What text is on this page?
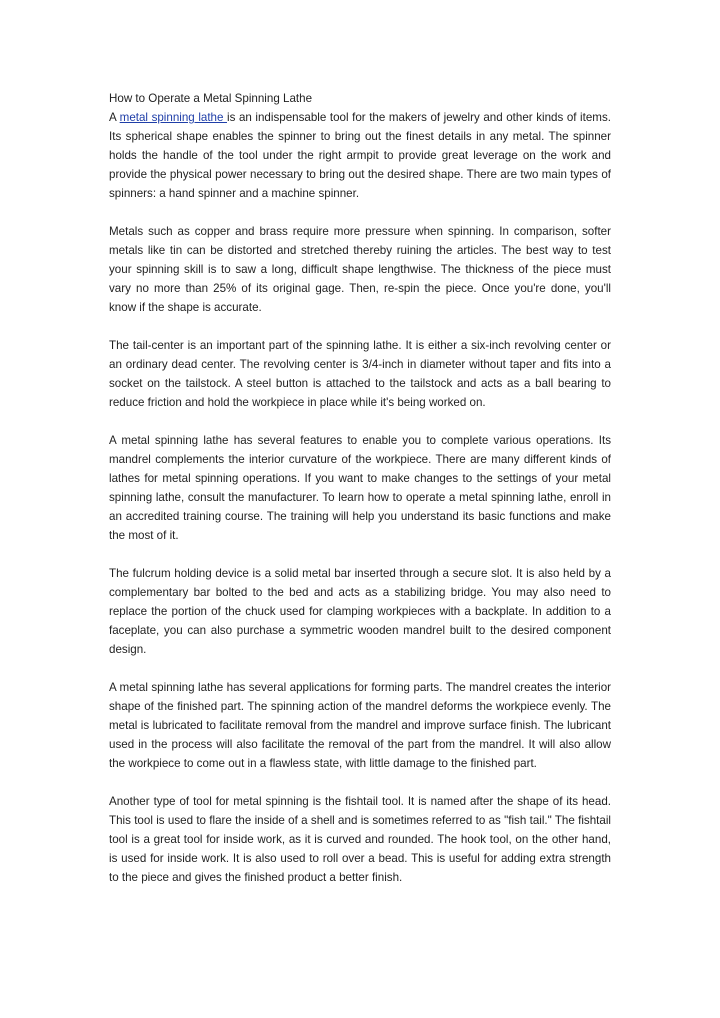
How to Operate a Metal Spinning Lathe

A metal spinning lathe is an indispensable tool for the makers of jewelry and other kinds of items. Its spherical shape enables the spinner to bring out the finest details in any metal. The spinner holds the handle of the tool under the right armpit to provide great leverage on the work and provide the physical power necessary to bring out the desired shape. There are two main types of spinners: a hand spinner and a machine spinner.

Metals such as copper and brass require more pressure when spinning. In comparison, softer metals like tin can be distorted and stretched thereby ruining the articles. The best way to test your spinning skill is to saw a long, difficult shape lengthwise. The thickness of the piece must vary no more than 25% of its original gage. Then, re-spin the piece. Once you're done, you'll know if the shape is accurate.

The tail-center is an important part of the spinning lathe. It is either a six-inch revolving center or an ordinary dead center. The revolving center is 3/4-inch in diameter without taper and fits into a socket on the tailstock. A steel button is attached to the tailstock and acts as a ball bearing to reduce friction and hold the workpiece in place while it's being worked on.

A metal spinning lathe has several features to enable you to complete various operations. Its mandrel complements the interior curvature of the workpiece. There are many different kinds of lathes for metal spinning operations. If you want to make changes to the settings of your metal spinning lathe, consult the manufacturer. To learn how to operate a metal spinning lathe, enroll in an accredited training course. The training will help you understand its basic functions and make the most of it.

The fulcrum holding device is a solid metal bar inserted through a secure slot. It is also held by a complementary bar bolted to the bed and acts as a stabilizing bridge. You may also need to replace the portion of the chuck used for clamping workpieces with a backplate. In addition to a faceplate, you can also purchase a symmetric wooden mandrel built to the desired component design.

A metal spinning lathe has several applications for forming parts. The mandrel creates the interior shape of the finished part. The spinning action of the mandrel deforms the workpiece evenly. The metal is lubricated to facilitate removal from the mandrel and improve surface finish. The lubricant used in the process will also facilitate the removal of the part from the mandrel. It will also allow the workpiece to come out in a flawless state, with little damage to the finished part.

Another type of tool for metal spinning is the fishtail tool. It is named after the shape of its head. This tool is used to flare the inside of a shell and is sometimes referred to as "fish tail." The fishtail tool is a great tool for inside work, as it is curved and rounded. The hook tool, on the other hand, is used for inside work. It is also used to roll over a bead. This is useful for adding extra strength to the piece and gives the finished product a better finish.
